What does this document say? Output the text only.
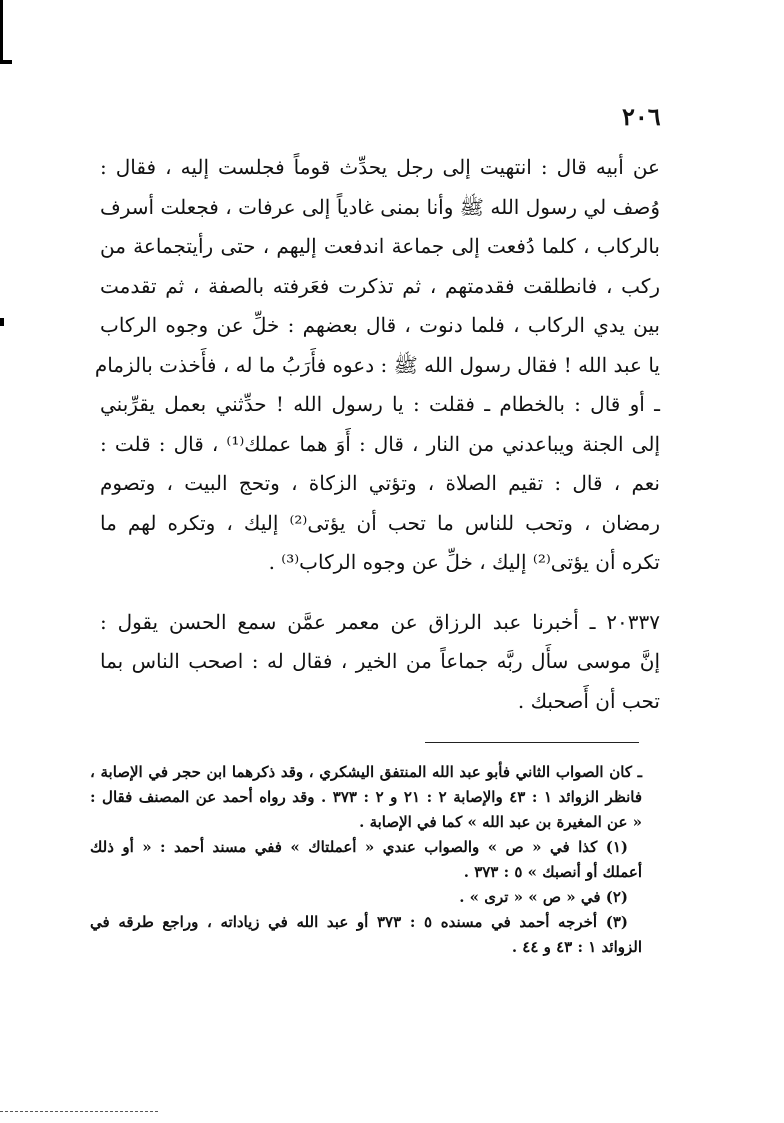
٢٠٦
عن أبيه قال : انتهيت إلى رجل يحدِّث قوماً فجلست إليه ، فقال :
وُصف لي رسول الله ﷺ وأنا بمنى غادياً إلى عرفات ، فجعلت أسرف
بالركاب ، كلما دُفعت إلى جماعة اندفعت إليهم ، حتى رأيتجماعة من
ركب ، فانطلقت فقدمتهم ، ثم تذكرت فعَرفته بالصفة ، ثم تقدمت
بين يدي الركاب ، فلما دنوت ، قال بعضهم : خلِّ عن وجوه الركاب
يا عبد الله ! فقال رسول الله ﷺ : دعوه فأَرَبُ ما له ، فأَخذت بالزمام
ـ أو قال : بالخطام ـ فقلت : يا رسول الله ! حدِّثني بعمل يقرِّبني
إلى الجنة ويباعدني من النار ، قال : أَوَ هما عملك⁽¹⁾ ، قال : قلت :
نعم ، قال : تقيم الصلاة ، وتؤتي الزكاة ، وتحج البيت ، وتصوم
رمضان ، وتحب للناس ما تحب أن يؤتى⁽²⁾ إليك ، وتكره لهم ما
تكره أن يؤتى⁽²⁾ إليك ، خلِّ عن وجوه الركاب⁽³⁾ .
٢٠٣٣٧ ـ أخبرنا عبد الرزاق عن معمر عمَّن سمع الحسن يقول :
إنَّ موسى سأَل ربَّه جماعاً من الخير ، فقال له : اصحب الناس بما
تحب أن أَصحبك .
ـ كان الصواب الثاني فأبو عبد الله المنتفق اليشكري ، وقد ذكرهما ابن حجر في الإصابة ،
فانظر الزوائد ١ : ٤٣ والإصابة ٢ : ٢١ و ٢ : ٣٧٣ . وقد رواه أحمد عن المصنف فقال :
« عن المغيرة بن عبد الله » كما في الإصابة .
(١) كذا في « ص » والصواب عندي « أعملتاك » ففي مسند أحمد : « أو ذلك
أعملك أو أنصبك » ٥ : ٣٧٣ .
(٢) في « ص » « ترى » .
(٣) أخرجه أحمد في مسنده ٥ : ٣٧٣ أو عبد الله في زياداته ، وراجع طرقه في
الزوائد ١ : ٤٣ و ٤٤ .
